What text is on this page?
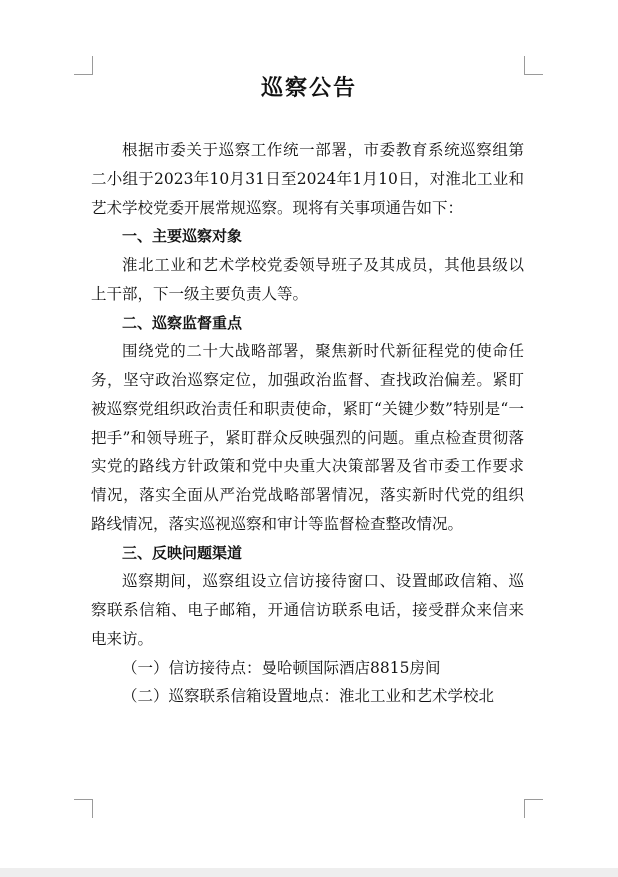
巡察公告

根据市委关于巡察工作统一部署，市委教育系统巡察组第二小组于2023年10月31日至2024年1月10日，对淮北工业和艺术学校党委开展常规巡察。现将有关事项通告如下：

一、主要巡察对象

淮北工业和艺术学校党委领导班子及其成员，其他县级以上干部，下一级主要负责人等。

二、巡察监督重点

围绕党的二十大战略部署，聚焦新时代新征程党的使命任务，坚守政治巡察定位，加强政治监督、查找政治偏差。紧盯被巡察党组织政治责任和职责使命，紧盯“关键少数”特别是“一把手”和领导班子，紧盯群众反映强烈的问题。重点检查贯彻落实党的路线方针政策和党中央重大决策部署及省市委工作要求情况，落实全面从严治党战略部署情况，落实新时代党的组织路线情况，落实巡视巡察和审计等监督检查整改情况。

三、反映问题渠道

巡察期间，巡察组设立信访接待窗口、设置邮政信箱、巡察联系信箱、电子邮箱，开通信访联系电话，接受群众来信来电来访。

（一）信访接待点：曼哈顿国际酒店8815房间

（二）巡察联系信箱设置地点：淮北工业和艺术学校北
